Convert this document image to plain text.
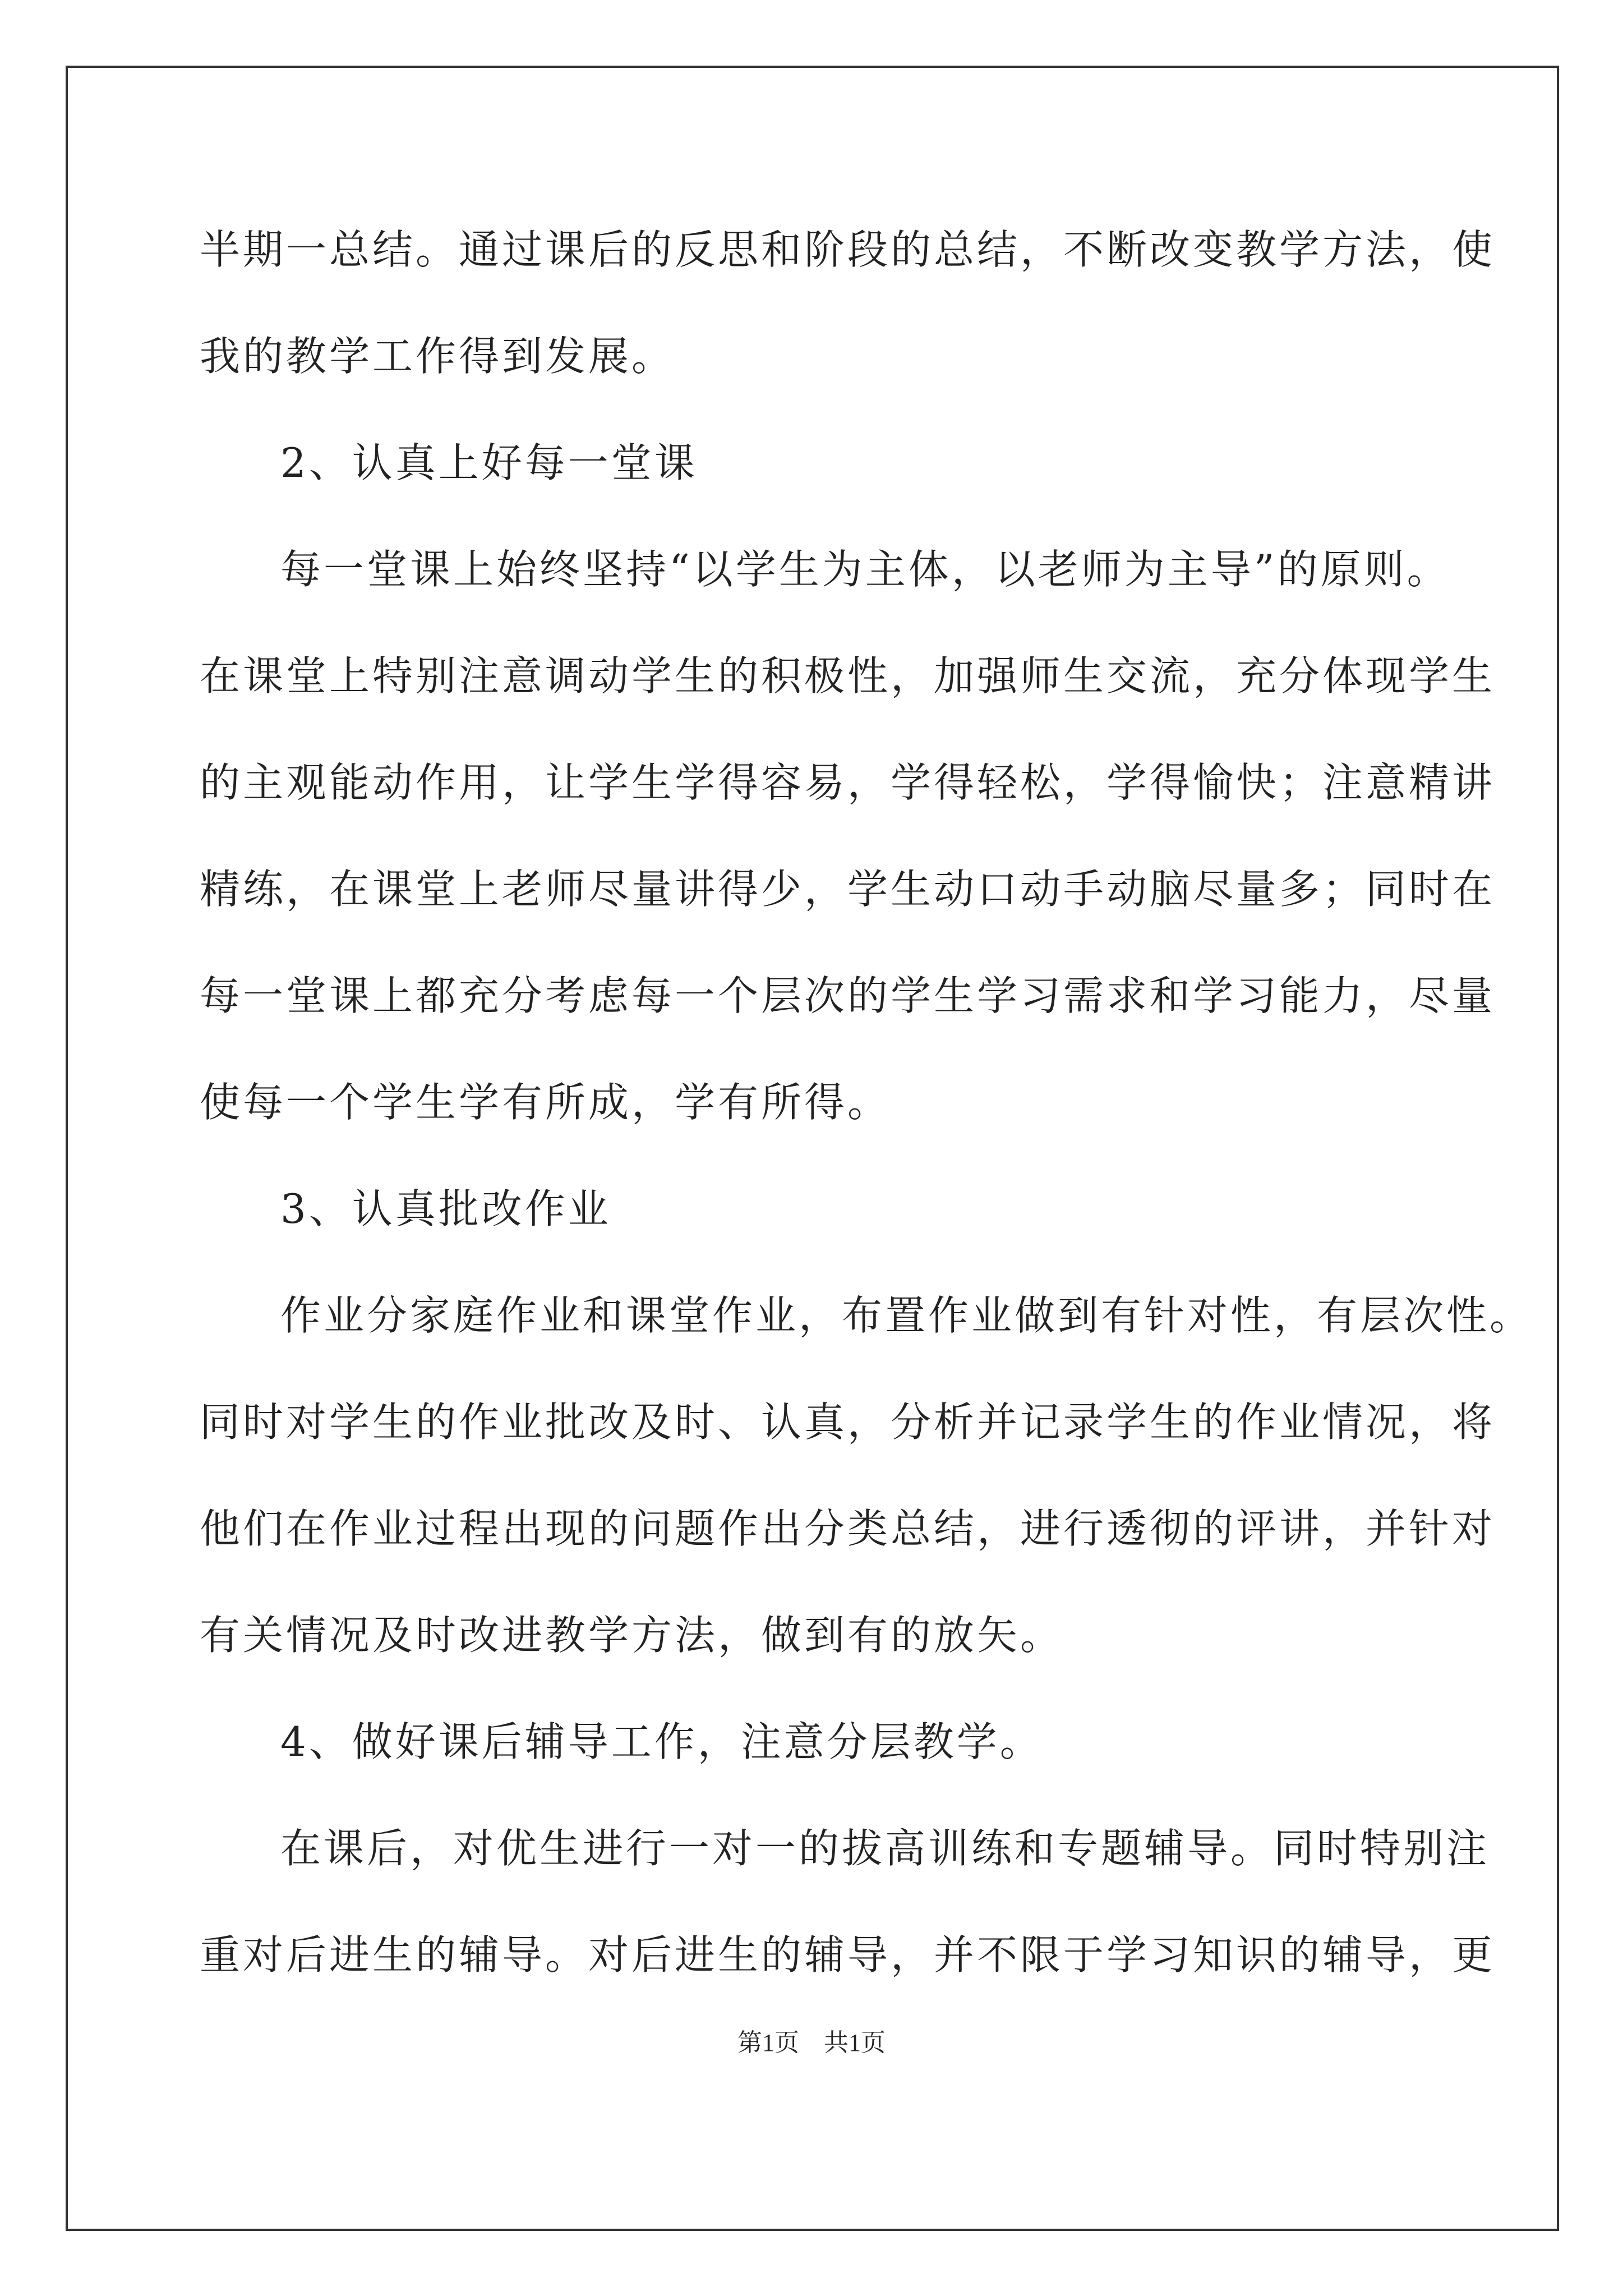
半期一总结。通过课后的反思和阶段的总结，不断改变教学方法，使
我的教学工作得到发展。
2、认真上好每一堂课
每一堂课上始终坚持“以学生为主体，以老师为主导”的原则。
在课堂上特别注意调动学生的积极性，加强师生交流，充分体现学生
的主观能动作用，让学生学得容易，学得轻松，学得愉快；注意精讲
精练，在课堂上老师尽量讲得少，学生动口动手动脑尽量多；同时在
每一堂课上都充分考虑每一个层次的学生学习需求和学习能力，尽量
使每一个学生学有所成，学有所得。
3、认真批改作业
作业分家庭作业和课堂作业，布置作业做到有针对性，有层次性。
同时对学生的作业批改及时、认真，分析并记录学生的作业情况，将
他们在作业过程出现的问题作出分类总结，进行透彻的评讲，并针对
有关情况及时改进教学方法，做到有的放矢。
4、做好课后辅导工作，注意分层教学。
在课后，对优生进行一对一的拔高训练和专题辅导。同时特别注
重对后进生的辅导。对后进生的辅导，并不限于学习知识的辅导，更
第1页　共1页
